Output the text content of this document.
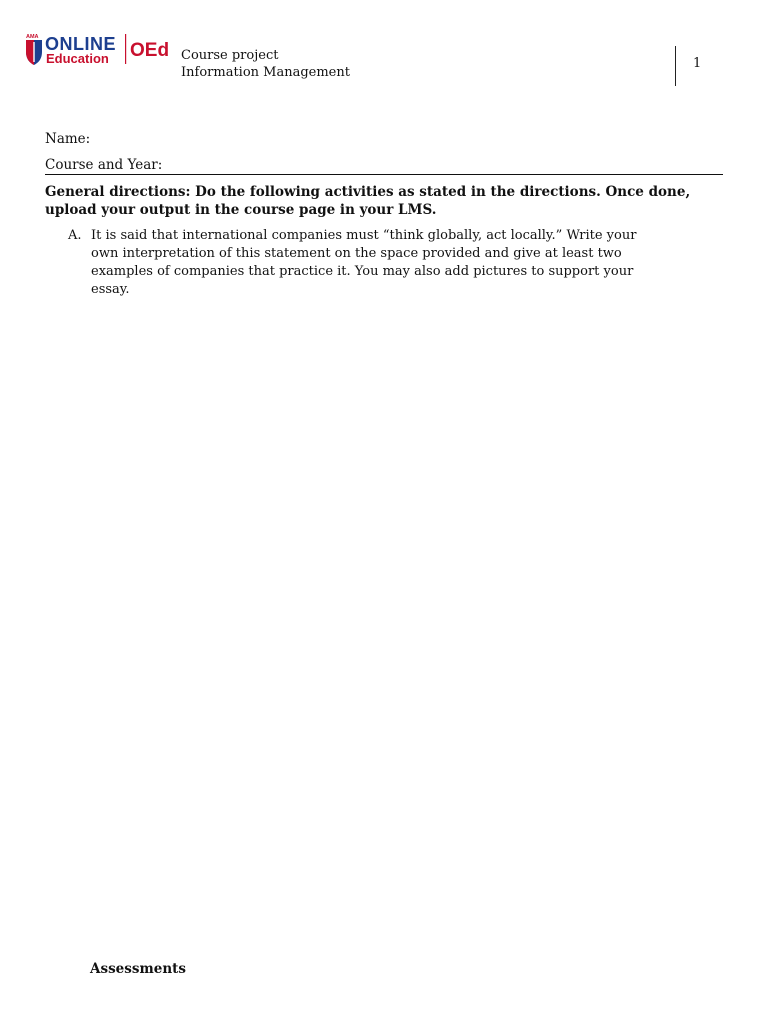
AMA ONLINE
Education OEd Course project
Information Management
1
Name:
Course and Year:
General directions: Do the following activities as stated in the directions. Once done, upload your output in the course page in your LMS.
A. It is said that international companies must “think globally, act locally.” Write your own interpretation of this statement on the space provided and give at least two examples of companies that practice it. You may also add pictures to support your essay.
Assessments
